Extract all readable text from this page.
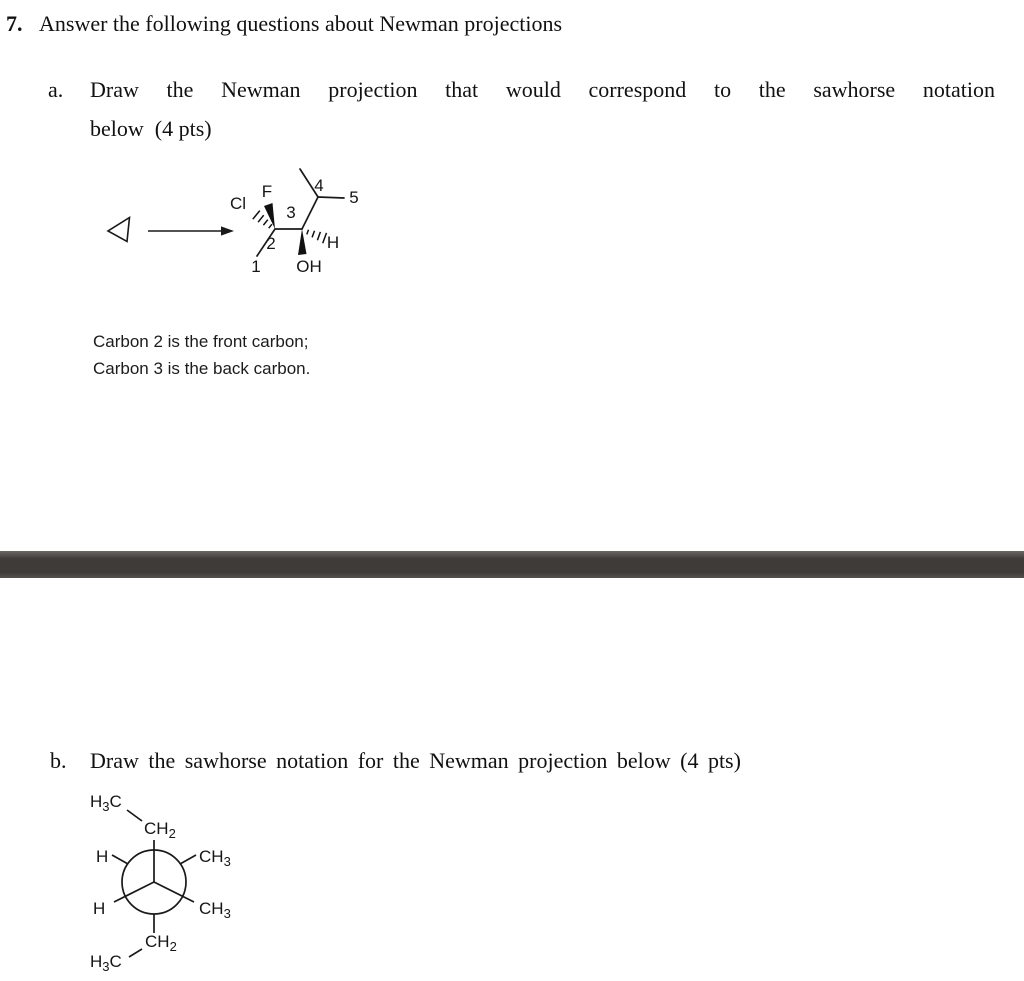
7. Answer the following questions about Newman projections
a. Draw the Newman projection that would correspond to the sawhorse notation
below  (4 pts)
Cl
F
3
4
5
2	H
1 OH
Carbon 2 is the front carbon;
Carbon 3 is the back carbon.
b. Draw the sawhorse notation for the Newman projection below (4 pts)
$H_3C$
$CH_2$
H	$CH_3$
H	$CH_3$
$CH_2$
$H_3C$
